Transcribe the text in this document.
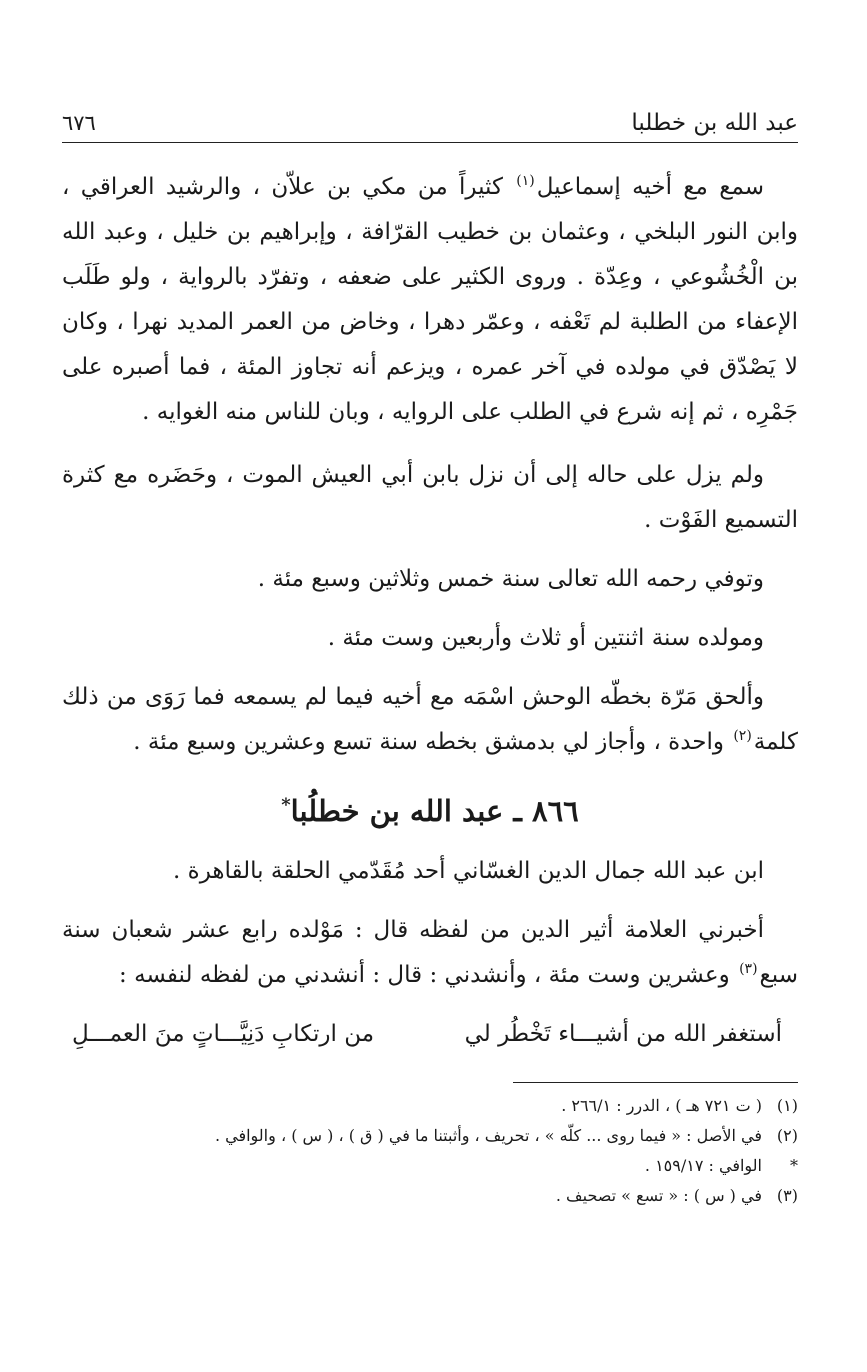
عبد الله بن خطلبا
٦٧٦

سمع مع أخيه إسماعيل$^{(١)}$ كثيراً من مكي بن علاّن ، والرشيد العراقي ، وابن النور البلخي ، وعثمان بن خطيب القرّافة ، وإبراهيم بن خليل ، وعبد الله بن الْخُشُوعي ، وعِدّة . وروى الكثير على ضعفه ، وتفرّد بالرواية ، ولو طَلَب الإعفاء من الطلبة لم تَعْفه ، وعمّر دهرا ، وخاض من العمر المديد نهرا ، وكان لا يَصْدّق في مولده في آخر عمره ، ويزعم أنه تجاوز المئة ، فما أصبره على جَمْرِه ، ثم إنه شرع في الطلب على الروايه ، وبان للناس منه الغوايه .

ولم يزل على حاله إلى أن نزل بابن أبي العيش الموت ، وحَضَره مع كثرة التسميع الفَوْت .

وتوفي رحمه الله تعالى سنة خمس وثلاثين وسبع مئة .

ومولده سنة اثنتين أو ثلاث وأربعين وست مئة .

وألحق مَرّة بخطّه الوحش اسْمَه مع أخيه فيما لم يسمعه فما رَوَى من ذلك كلمة$^{(٢)}$ واحدة ، وأجاز لي بدمشق بخطه سنة تسع وعشرين وسبع مئة .

٨٦٦ ـ عبد الله بن خطلُبا*

ابن عبد الله جمال الدين الغسّاني أحد مُقَدّمي الحلقة بالقاهرة .

أخبرني العلامة أثير الدين من لفظه قال : مَوْلده رابع عشر شعبان سنة سبع$^{(٣)}$ وعشرين وست مئة ، وأنشدني : قال : أنشدني من لفظه لنفسه :

أستغفر الله من أشيـــاء تَخْطُر لي
من ارتكابِ دَنِيَّـــاتٍ منَ العمـــلِ
(١)
( ت ٧٢١ هـ ) ، الدرر : ٢٦٦/١ .
(٢)
في الأصل : « فيما روى ... كلّه » ، تحريف ، وأثبتنا ما في ( ق ) ، ( س ) ، والوافي .
*
الوافي : ١٥٩/١٧ .
(٣)
في ( س ) : « تسع » تصحيف .
